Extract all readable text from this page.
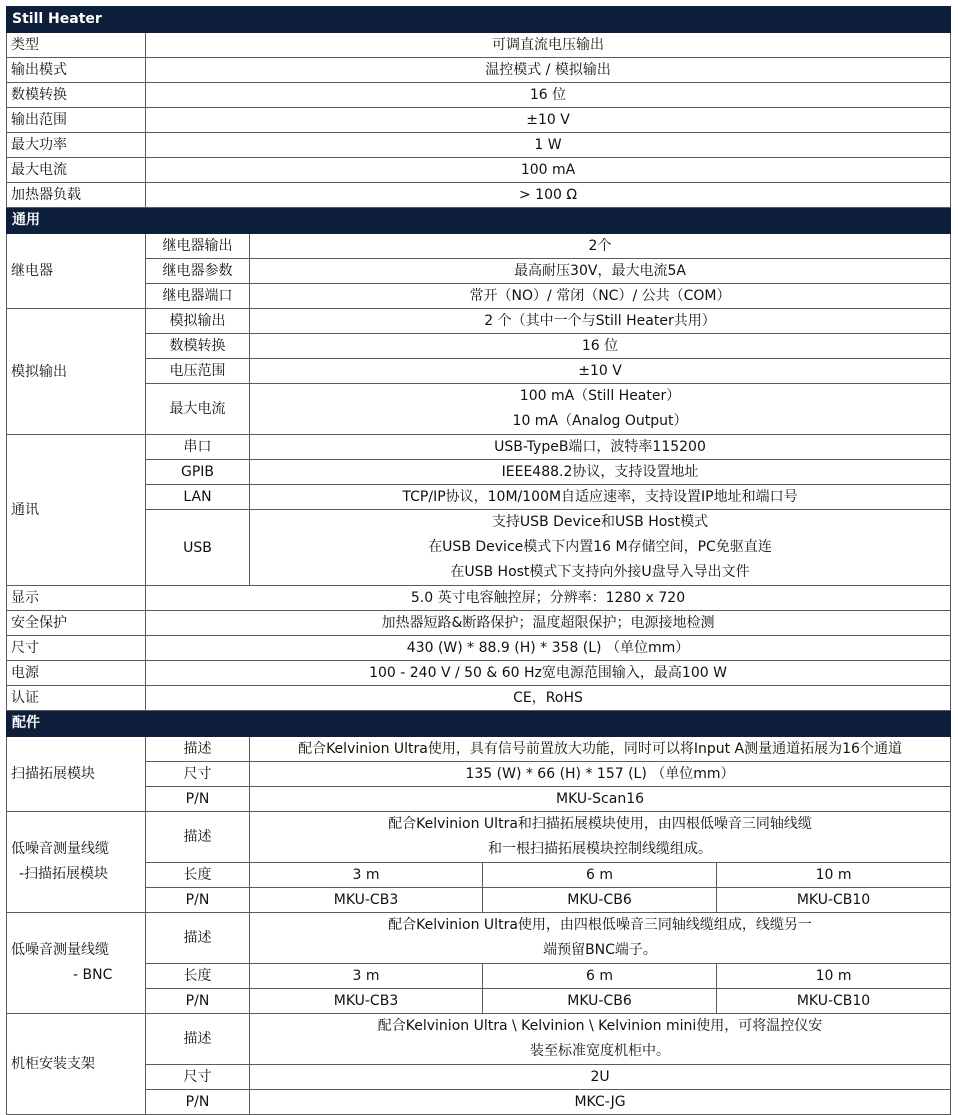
Still Heater				
类型	可调直流电压输出			
输出模式	温控模式 / 模拟输出			
数模转换	16 位			
输出范围	±10 V			
最大功率	1 W			
最大电流	100 mA			
加热器负载	> 100 Ω			
通用				
继电器	继电器输出	2个		
	继电器参数	最高耐压30V，最大电流5A		
	继电器端口	常开（NO）/ 常闭（NC）/ 公共（COM）		
模拟输出	模拟输出	2 个（其中一个与Still Heater共用）		
	数模转换	16 位		
	电压范围	±10 V		
	最大电流	100 mA（Still Heater）
10 mA（Analog Output）		

通讯	串口	USB-TypeB端口，波特率115200		
	GPIB	IEEE488.2协议，支持设置地址		
	LAN	TCP/IP协议，10M/100M自适应速率，支持设置IP地址和端口号		
	USB	支持USB Device和USB Host模式
在USB Device模式下内置16 M存储空间，PC免驱直连
在USB Host模式下支持向外接U盘导入导出文件		

显示	5.0 英寸电容触控屏；分辨率：1280 x 720			
安全保护	加热器短路&断路保护；温度超限保护；电源接地检测			
尺寸	430 (W) * 88.9 (H) * 358 (L) （单位mm）			
电源	100 - 240 V / 50 & 60 Hz宽电源范围输入，最高100 W			
认证	CE，RoHS			
配件				
扫描拓展模块	描述	配合Kelvinion Ultra使用，具有信号前置放大功能，同时可以将Input A测量通道拓展为16个通道		
	尺寸	135 (W) * 66 (H) * 157 (L) （单位mm）		
	P/N	MKU-Scan16		

低噪音测量线缆
-扫描拓展模块	描述	配合Kelvinion Ultra和扫描拓展模块使用，由四根低噪音三同轴线缆
和一根扫描拓展模块控制线缆组成。		

	长度	3 m	6 m	10 m
	P/N	MKU-CB3	MKU-CB6	MKU-CB10

低噪音测量线缆
- BNC	描述	配合Kelvinion Ultra使用，由四根低噪音三同轴线缆组成，线缆另一
端预留BNC端子。		

	长度	3 m	6 m	10 m
	P/N	MKU-CB3	MKU-CB6	MKU-CB10
机柜安装支架	描述	配合Kelvinion Ultra \ Kelvinion \ Kelvinion mini使用，可将温控仪安
装至标准宽度机柜中。		

	尺寸	2U		
	P/N	MKC-JG		
